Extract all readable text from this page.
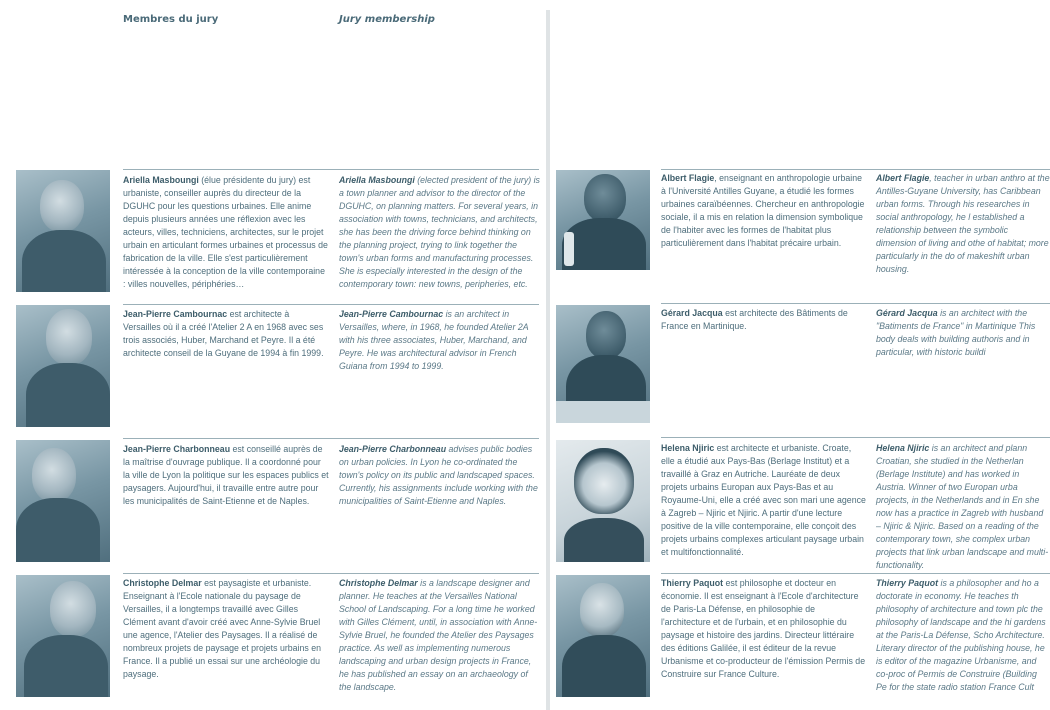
Membres du jury	Jury membership
Ariella Masboungi (élue présidente du jury) est urbaniste, conseiller auprès du directeur de la DGUHC pour les questions urbaines. Elle anime depuis plusieurs années une réflexion avec les acteurs, villes, techniciens, architectes, sur le projet urbain en articulant formes urbaines et processus de fabrication de la ville. Elle s'est particulièrement intéressée à la conception de la ville contemporaine : villes nouvelles, périphéries…
Ariella Masboungi (elected president of the jury) is a town planner and advisor to the director of the DGUHC, on planning matters. For several years, in association with towns, technicians, and architects, she has been the driving force behind thinking on the planning project, trying to link together the town's urban forms and manufacturing processes. She is especially interested in the design of the contemporary town: new towns, peripheries, etc.
Jean-Pierre Cambournac est architecte à Versailles où il a créé l'Atelier 2 A en 1968 avec ses trois associés, Huber, Marchand et Peyre. Il a été architecte conseil de la Guyane de 1994 à fin 1999.
Jean-Pierre Cambournac is an architect in Versailles, where, in 1968, he founded Atelier 2A with his three associates, Huber, Marchand, and Peyre. He was architectural advisor in French Guiana from 1994 to 1999.
Jean-Pierre Charbonneau est conseillé auprès de la maîtrise d'ouvrage publique. Il a coordonné pour la ville de Lyon la politique sur les espaces publics et paysagers. Aujourd'hui, il travaille entre autre pour les municipalités de Saint-Etienne et de Naples.
Jean-Pierre Charbonneau advises public bodies on urban policies. In Lyon he co-ordinated the town's policy on its public and landscaped spaces. Currently, his assignments include working with the municipalities of Saint-Etienne and Naples.
Christophe Delmar est paysagiste et urbaniste. Enseignant à l'Ecole nationale du paysage de Versailles, il a longtemps travaillé avec Gilles Clément avant d'avoir créé avec Anne-Sylvie Bruel une agence, l'Atelier des Paysages. Il a réalisé de nombreux projets de paysage et projets urbains en France. Il a publié un essai sur une archéologie du paysage.
Christophe Delmar is a landscape designer and planner. He teaches at the Versailles National School of Landscaping. For a long time he worked with Gilles Clément, until, in association with Anne-Sylvie Bruel, he founded the Atelier des Paysages practice. As well as implementing numerous landscaping and urban design projects in France, he has published an essay on an archaeology of the landscape.
Albert Flagie, enseignant en anthropologie urbaine à l'Université Antilles Guyane, a étudié les formes urbaines caraïbéennes. Chercheur en anthropologie sociale, il a mis en relation la dimension symbolique de l'habiter avec les formes de l'habitat plus particulièrement dans l'habitat précaire urbain.
Albert Flagie, teacher in urban anthro at the Antilles-Guyane University, has Caribbean urban forms. Through his researches in social anthropology, he l established a relationship between the symbolic dimension of living and othe of habitat; more particularly in the do of makeshift urban housing.
Gérard Jacqua est architecte des Bâtiments de France en Martinique.
Gérard Jacqua is an architect with the "Batiments de France" in Martinique This body deals with building authoris and in particular, with historic buildi
Helena Njiric est architecte et urbaniste. Croate, elle a étudié aux Pays-Bas (Berlage Institut) et a travaillé à Graz en Autriche. Lauréate de deux projets urbains Europan aux Pays-Bas et au Royaume-Uni, elle a créé avec son mari une agence à Zagreb – Njiric et Njiric. A partir d'une lecture positive de la ville contemporaine, elle conçoit des projets urbains complexes articulant paysage urbain et multifonctionnalité.
Helena Njiric is an architect and plann Croatian, she studied in the Netherlan (Berlage Institute) and has worked in Austria. Winner of two Europan urba projects, in the Netherlands and in En she now has a practice in Zagreb with husband – Njiric & Njiric. Based on a reading of the contemporary town, she complex urban projects that link urban landscape and multi-functionality.
Thierry Paquot est philosophe et docteur en économie. Il est enseignant à l'Ecole d'architecture de Paris-La Défense, en philosophie de l'architecture et de l'urbain, et en philosophie du paysage et histoire des jardins. Directeur littéraire des éditions Galilée, il est éditeur de la revue Urbanisme et co-producteur de l'émission Permis de Construire sur France Culture.
Thierry Paquot is a philosopher and ho a doctorate in economy. He teaches th philosophy of architecture and town plc the philosophy of landscape and the hi gardens at the Paris-La Défense, Scho Architecture. Literary director of the publishing house, he is editor of the magazine Urbanisme, and co-proc of Permis de Construire (Building Pe for the state radio station France Cult
